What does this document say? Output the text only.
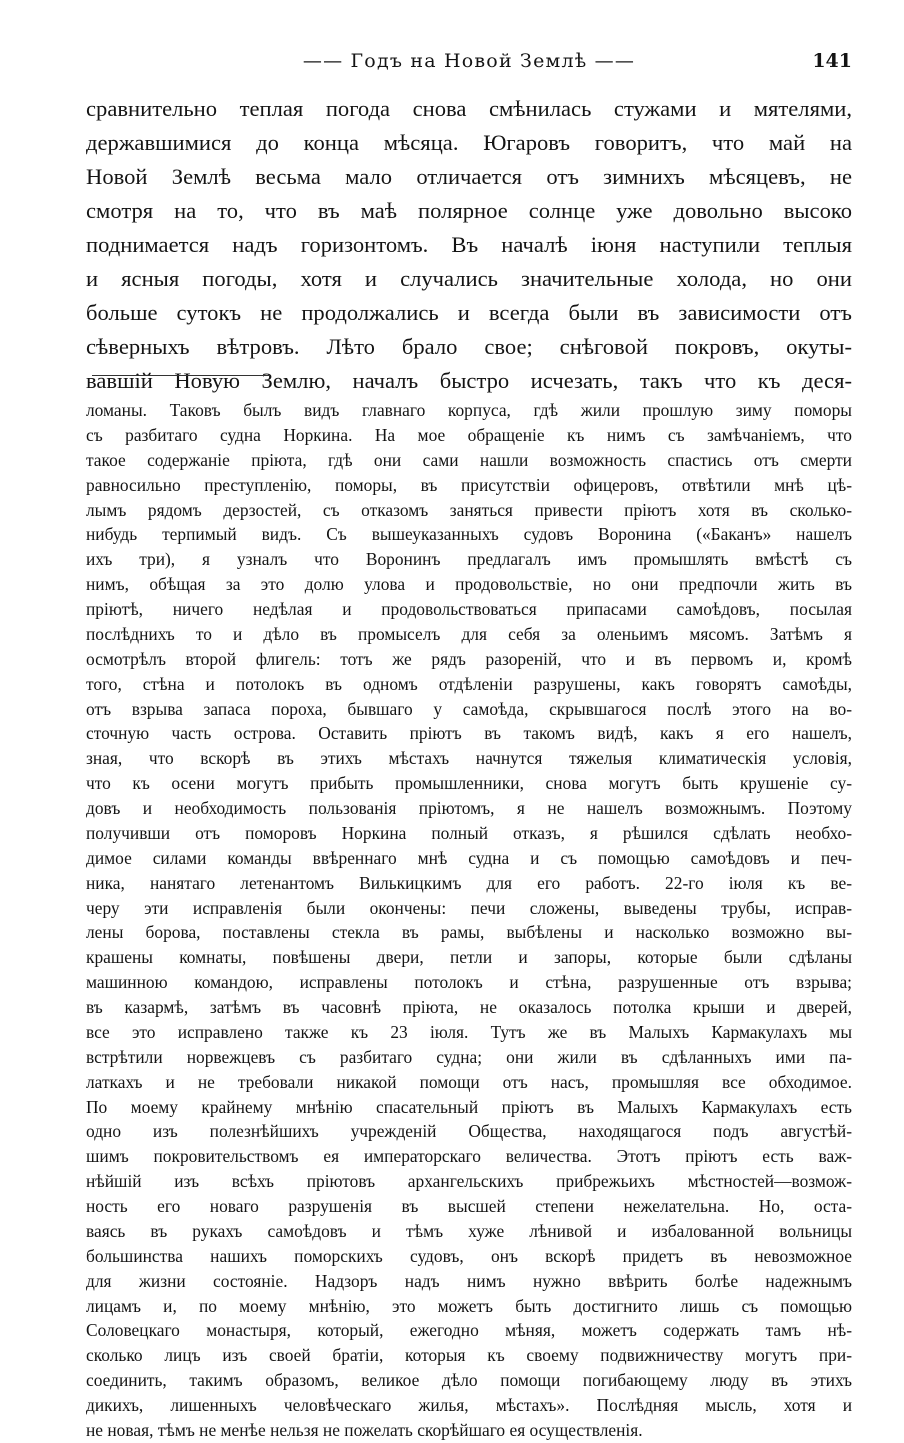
—— Годъ на Новой Землѣ ——	141
сравнительно теплая погода снова смѣнилась стужами и мятелями,
державшимися до конца мѣсяца. Югаровъ говоритъ, что май на
Новой Землѣ весьма мало отличается отъ зимнихъ мѣсяцевъ, не
смотря на то, что въ маѣ полярное солнце уже довольно высоко
поднимается надъ горизонтомъ. Въ началѣ іюня наступили теплыя
и ясныя погоды, хотя и случались значительные холода, но они
больше сутокъ не продолжались и всегда были въ зависимости отъ
сѣверныхъ вѣтровъ. Лѣто брало свое; снѣговой покровъ, окуты-
вавшій Новую Землю, началъ быстро исчезать, такъ что къ деся-
ломаны. Таковъ былъ видъ главнаго корпуса, гдѣ жили прошлую зиму поморы
съ разбитаго судна Норкина. На мое обращеніе къ нимъ съ замѣчаніемъ, что
такое содержаніе пріюта, гдѣ они сами нашли возможность спастись отъ смерти
равносильно преступленію, поморы, въ присутствіи офицеровъ, отвѣтили мнѣ цѣ-
лымъ рядомъ дерзостей, съ отказомъ заняться привести пріютъ хотя въ сколько-
нибудь терпимый видъ. Съ вышеуказанныхъ судовъ Воронина («Баканъ» нашелъ
ихъ три), я узналъ что Воронинъ предлагалъ имъ промышлять вмѣстѣ съ
нимъ, обѣщая за это долю улова и продовольствіе, но они предпочли жить въ
пріютѣ, ничего недѣлая и продовольствоваться припасами самоѣдовъ, посылая
послѣднихъ то и дѣло въ промыселъ для себя за оленьимъ мясомъ. Затѣмъ я
осмотрѣлъ второй флигель: тотъ же рядъ разореній, что и въ первомъ и, кромѣ
того, стѣна и потолокъ въ одномъ отдѣленіи разрушены, какъ говорятъ самоѣды,
отъ взрыва запаса пороха, бывшаго у самоѣда, скрывшагося послѣ этого на во-
сточную часть острова. Оставить пріютъ въ такомъ видѣ, какъ я его нашелъ,
зная, что вскорѣ въ этихъ мѣстахъ начнутся тяжелыя климатическія условія,
что къ осени могутъ прибыть промышленники, снова могутъ быть крушеніе су-
довъ и необходимость пользованія пріютомъ, я не нашелъ возможнымъ. Поэтому
получивши отъ поморовъ Норкина полный отказъ, я рѣшился сдѣлать необхо-
димое силами команды ввѣреннаго мнѣ судна и съ помощью самоѣдовъ и печ-
ника, нанятаго летенантомъ Вилькицкимъ для его работъ. 22-го іюля къ ве-
черу эти исправленія были окончены: печи сложены, выведены трубы, исправ-
лены борова, поставлены стекла въ рамы, выбѣлены и насколько возможно вы-
крашены комнаты, повѣшены двери, петли и запоры, которые были сдѣланы
машинною командою, исправлены потолокъ и стѣна, разрушенные отъ взрыва;
въ казармѣ, затѣмъ въ часовнѣ пріюта, не оказалось потолка крыши и дверей,
все это исправлено также къ 23 іюля. Тутъ же въ Малыхъ Кармакулахъ мы
встрѣтили норвежцевъ съ разбитаго судна; они жили въ сдѣланныхъ ими па-
латкахъ и не требовали никакой помощи отъ насъ, промышляя все обходимое.
По моему крайнему мнѣнію спасательный пріютъ въ Малыхъ Кармакулахъ есть
одно изъ полезнѣйшихъ учрежденій Общества, находящагося подъ августѣй-
шимъ покровительствомъ ея императорскаго величества. Этотъ пріютъ есть важ-
нѣйшій изъ всѣхъ пріютовъ архангельскихъ прибрежьихъ мѣстностей—возмож-
ность его новаго разрушенія въ высшей степени нежелательна. Но, оста-
ваясь въ рукахъ самоѣдовъ и тѣмъ хуже лѣнивой и избалованной вольницы
большинства нашихъ поморскихъ судовъ, онъ вскорѣ придетъ въ невозможное
для жизни состояніе. Надзоръ надъ нимъ нужно ввѣрить болѣе надежнымъ
лицамъ и, по моему мнѣнію, это можетъ быть достигнито лишь съ помощью
Соловецкаго монастыря, который, ежегодно мѣняя, можетъ содержать тамъ нѣ-
сколько лицъ изъ своей братіи, которыя къ своему подвижничеству могутъ при-
соединить, такимъ образомъ, великое дѣло помощи погибающему люду въ этихъ
дикихъ, лишенныхъ человѣческаго жилья, мѣстахъ». Послѣдняя мысль, хотя и
не новая, тѣмъ не менѣе нельзя не пожелать скорѣйшаго ея осуществленія.
